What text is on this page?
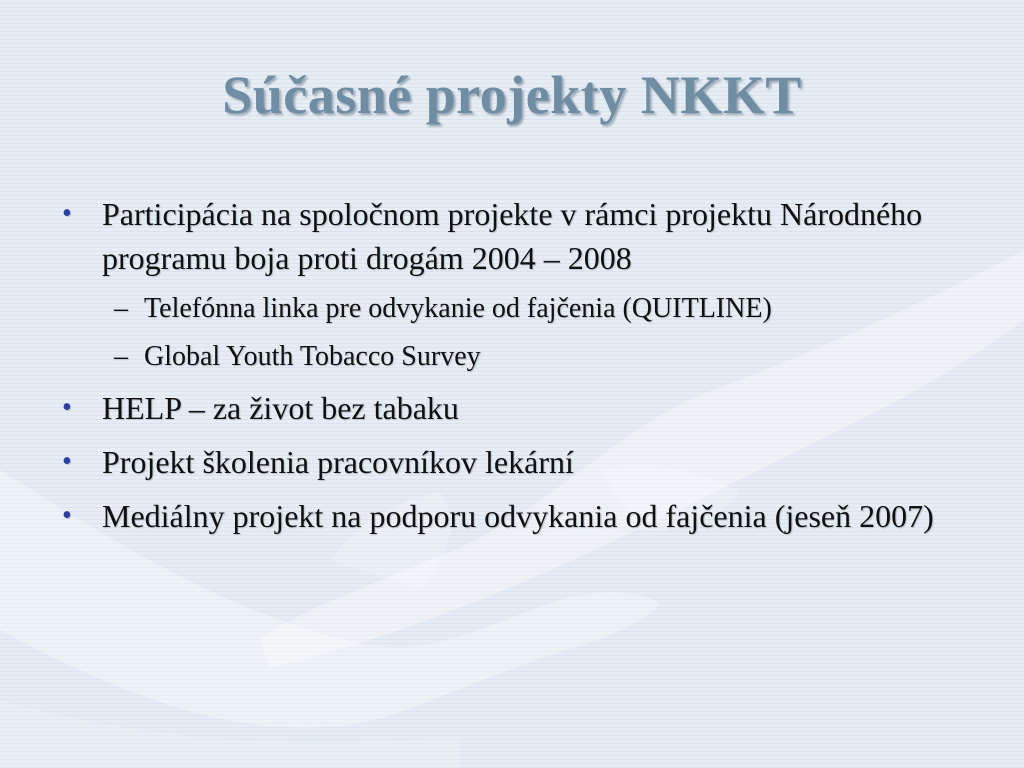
Súčasné projekty NKKT
• Participácia na spoločnom projekte v rámci projektu Národného programu boja proti drogám 2004 – 2008
– Telefónna linka pre odvykanie od fajčenia (QUITLINE)
– Global Youth Tobacco Survey
• HELP – za život bez tabaku
• Projekt školenia pracovníkov lekární
• Mediálny projekt na podporu odvykania od fajčenia (jeseň 2007)
